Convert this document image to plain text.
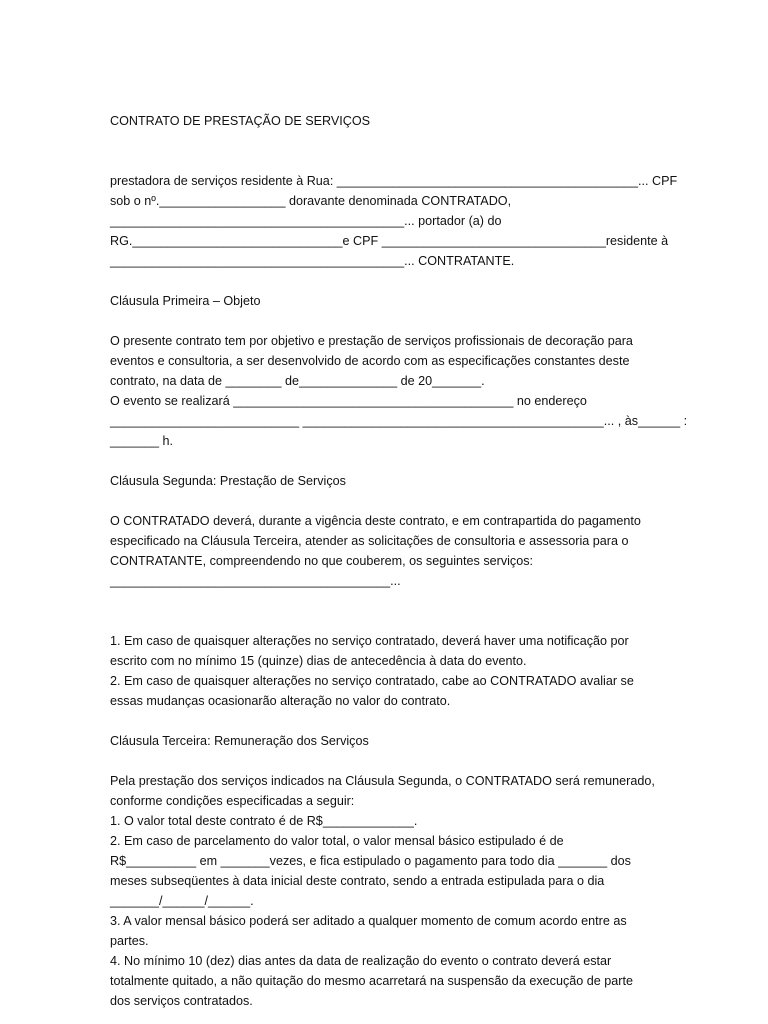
CONTRATO DE PRESTAÇÃO DE SERVIÇOS
prestadora de serviços residente à Rua: ___________________________________________... CPF
sob o nº.__________________ doravante denominada CONTRATADO,
__________________________________________... portador (a) do
RG.______________________________ e CPF ________________________________ residente à
__________________________________________... CONTRATANTE.
Cláusula Primeira – Objeto
O presente contrato tem por objetivo e prestação de serviços profissionais de decoração para
eventos e consultoria, a ser desenvolvido de acordo com as especificações constantes deste
contrato, na data de ________ de______________ de 20_______.
O evento se realizará ________________________________________ no endereço
___________________________ ___________________________________________... , às______ :
_______ h.
Cláusula Segunda: Prestação de Serviços
O CONTRATADO deverá, durante a vigência deste contrato, e em contrapartida do pagamento
especificado na Cláusula Terceira, atender as solicitações de consultoria e assessoria para o
CONTRATANTE, compreendendo no que couberem, os seguintes serviços:
________________________________________...
1. Em caso de quaisquer alterações no serviço contratado, deverá haver uma notificação por
escrito com no mínimo 15 (quinze) dias de antecedência à data do evento.
2. Em caso de quaisquer alterações no serviço contratado, cabe ao CONTRATADO avaliar se
essas mudanças ocasionarão alteração no valor do contrato.
Cláusula Terceira: Remuneração dos Serviços
Pela prestação dos serviços indicados na Cláusula Segunda, o CONTRATADO será remunerado,
conforme condições especificadas a seguir:
1. O valor total deste contrato é de R$_____________.
2. Em caso de parcelamento do valor total, o valor mensal básico estipulado é de
R$__________ em _______vezes, e fica estipulado o pagamento para todo dia _______ dos
meses subseqüentes à data inicial deste contrato, sendo a entrada estipulada para o dia
_______/______/______.
3. A valor mensal básico poderá ser aditado a qualquer momento de comum acordo entre as
partes.
4. No mínimo 10 (dez) dias antes da data de realização do evento o contrato deverá estar
totalmente quitado, a não quitação do mesmo acarretará na suspensão da execução de parte
dos serviços contratados.
